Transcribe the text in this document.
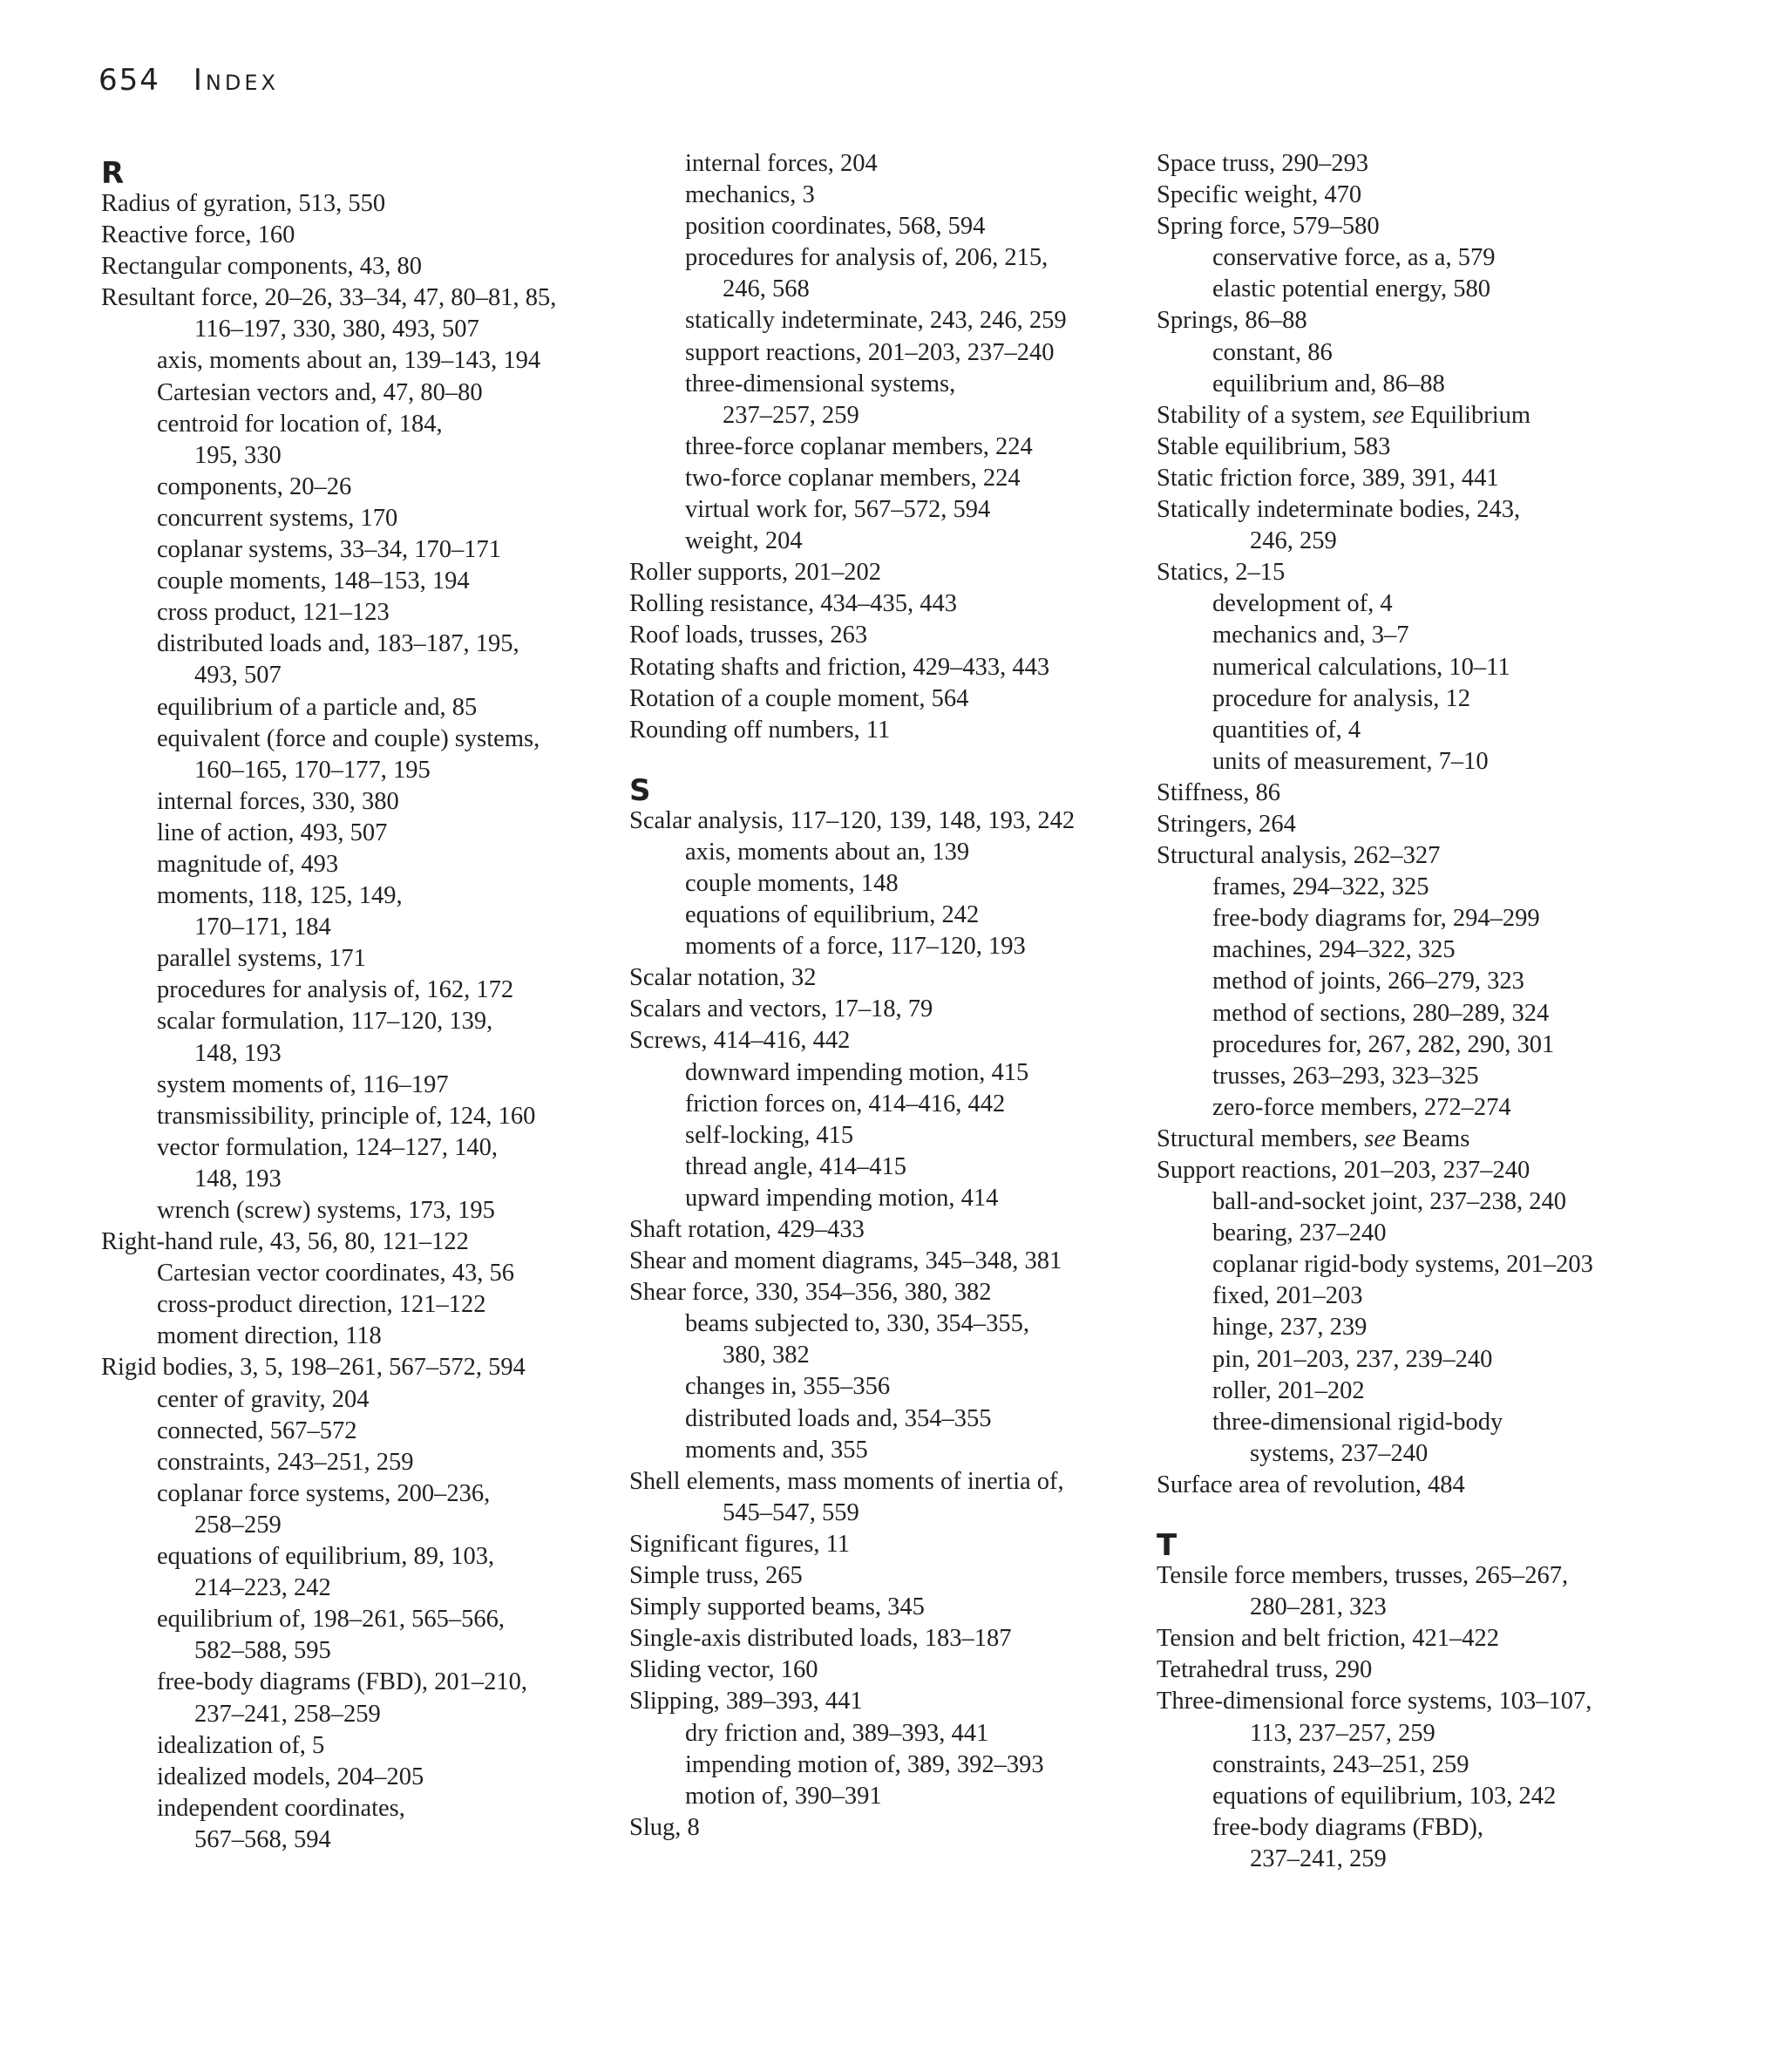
654 Index
R
Radius of gyration, 513, 550
Reactive force, 160
Rectangular components, 43, 80
Resultant force, 20–26, 33–34, 47, 80–81, 85,
116–197, 330, 380, 493, 507
axis, moments about an, 139–143, 194
Cartesian vectors and, 47, 80–80
centroid for location of, 184,
195, 330
components, 20–26
concurrent systems, 170
coplanar systems, 33–34, 170–171
couple moments, 148–153, 194
cross product, 121–123
distributed loads and, 183–187, 195,
493, 507
equilibrium of a particle and, 85
equivalent (force and couple) systems,
160–165, 170–177, 195
internal forces, 330, 380
line of action, 493, 507
magnitude of, 493
moments, 118, 125, 149,
170–171, 184
parallel systems, 171
procedures for analysis of, 162, 172
scalar formulation, 117–120, 139,
148, 193
system moments of, 116–197
transmissibility, principle of, 124, 160
vector formulation, 124–127, 140,
148, 193
wrench (screw) systems, 173, 195
Right-hand rule, 43, 56, 80, 121–122
Cartesian vector coordinates, 43, 56
cross-product direction, 121–122
moment direction, 118
Rigid bodies, 3, 5, 198–261, 567–572, 594
center of gravity, 204
connected, 567–572
constraints, 243–251, 259
coplanar force systems, 200–236,
258–259
equations of equilibrium, 89, 103,
214–223, 242
equilibrium of, 198–261, 565–566,
582–588, 595
free-body diagrams (FBD), 201–210,
237–241, 258–259
idealization of, 5
idealized models, 204–205
independent coordinates,
567–568, 594
internal forces, 204
mechanics, 3
position coordinates, 568, 594
procedures for analysis of, 206, 215,
246, 568
statically indeterminate, 243, 246, 259
support reactions, 201–203, 237–240
three-dimensional systems,
237–257, 259
three-force coplanar members, 224
two-force coplanar members, 224
virtual work for, 567–572, 594
weight, 204
Roller supports, 201–202
Rolling resistance, 434–435, 443
Roof loads, trusses, 263
Rotating shafts and friction, 429–433, 443
Rotation of a couple moment, 564
Rounding off numbers, 11
S
Scalar analysis, 117–120, 139, 148, 193, 242
axis, moments about an, 139
couple moments, 148
equations of equilibrium, 242
moments of a force, 117–120, 193
Scalar notation, 32
Scalars and vectors, 17–18, 79
Screws, 414–416, 442
downward impending motion, 415
friction forces on, 414–416, 442
self-locking, 415
thread angle, 414–415
upward impending motion, 414
Shaft rotation, 429–433
Shear and moment diagrams, 345–348, 381
Shear force, 330, 354–356, 380, 382
beams subjected to, 330, 354–355,
380, 382
changes in, 355–356
distributed loads and, 354–355
moments and, 355
Shell elements, mass moments of inertia of,
545–547, 559
Significant figures, 11
Simple truss, 265
Simply supported beams, 345
Single-axis distributed loads, 183–187
Sliding vector, 160
Slipping, 389–393, 441
dry friction and, 389–393, 441
impending motion of, 389, 392–393
motion of, 390–391
Slug, 8
Space truss, 290–293
Specific weight, 470
Spring force, 579–580
conservative force, as a, 579
elastic potential energy, 580
Springs, 86–88
constant, 86
equilibrium and, 86–88
Stability of a system, see Equilibrium
Stable equilibrium, 583
Static friction force, 389, 391, 441
Statically indeterminate bodies, 243,
246, 259
Statics, 2–15
development of, 4
mechanics and, 3–7
numerical calculations, 10–11
procedure for analysis, 12
quantities of, 4
units of measurement, 7–10
Stiffness, 86
Stringers, 264
Structural analysis, 262–327
frames, 294–322, 325
free-body diagrams for, 294–299
machines, 294–322, 325
method of joints, 266–279, 323
method of sections, 280–289, 324
procedures for, 267, 282, 290, 301
trusses, 263–293, 323–325
zero-force members, 272–274
Structural members, see Beams
Support reactions, 201–203, 237–240
ball-and-socket joint, 237–238, 240
bearing, 237–240
coplanar rigid-body systems, 201–203
fixed, 201–203
hinge, 237, 239
pin, 201–203, 237, 239–240
roller, 201–202
three-dimensional rigid-body
systems, 237–240
Surface area of revolution, 484
T
Tensile force members, trusses, 265–267,
280–281, 323
Tension and belt friction, 421–422
Tetrahedral truss, 290
Three-dimensional force systems, 103–107,
113, 237–257, 259
constraints, 243–251, 259
equations of equilibrium, 103, 242
free-body diagrams (FBD),
237–241, 259
